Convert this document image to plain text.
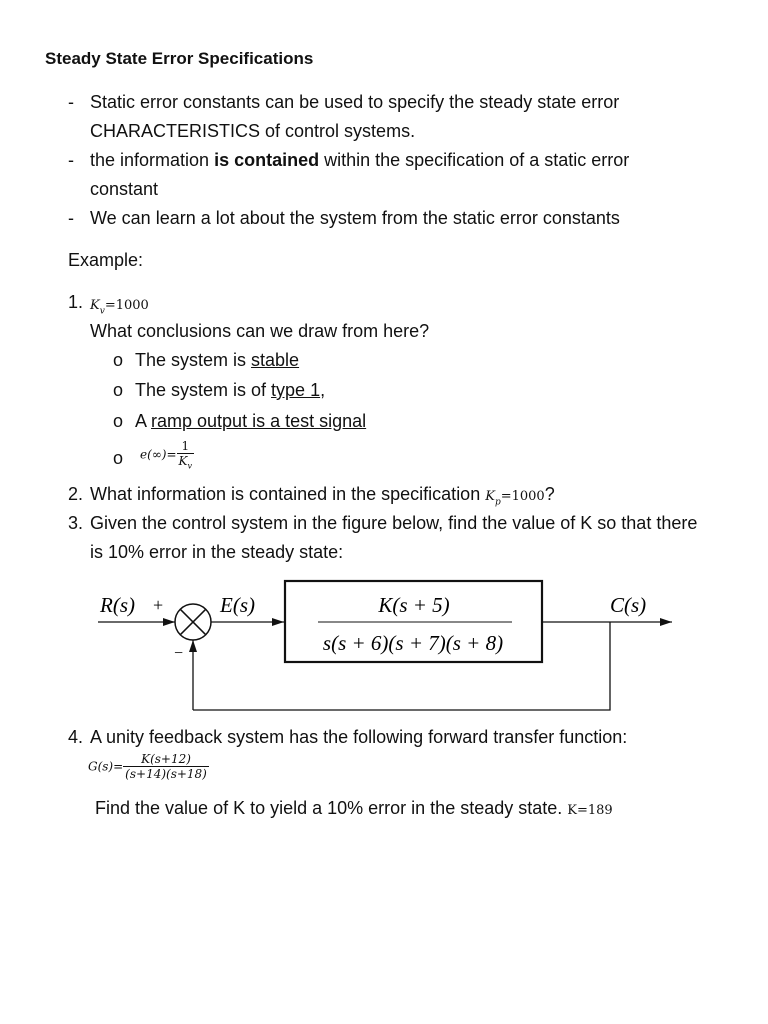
Steady State Error Specifications
- Static error constants can be used to specify the steady state error
CHARACTERISTICS of control systems.
- the information is contained within the specification of a static error
constant
- We can learn a lot about the system from the static error constants
Example:
1. $K_v=1000$
What conclusions can we draw from here?
o The system is stable
o The system is of type 1,
o A ramp output is a test signal
o $e(\infty)= \frac{1}{K_v}$
2. What information is contained in the specification $K_p=1000$?
3. Given the control system in the figure below, find the value of K so that there
is 10% error in the steady state:
R(s) +
−
E(s)	K(s + 5)
s(s + 6)(s + 7)(s + 8)
C(s)
4. A unity feedback system has the following forward transfer function:
$G(s)= \frac{K(s+12)}{(s+14)(s+18)}$
Find the value of K to yield a 10% error in the steady state. K=189
